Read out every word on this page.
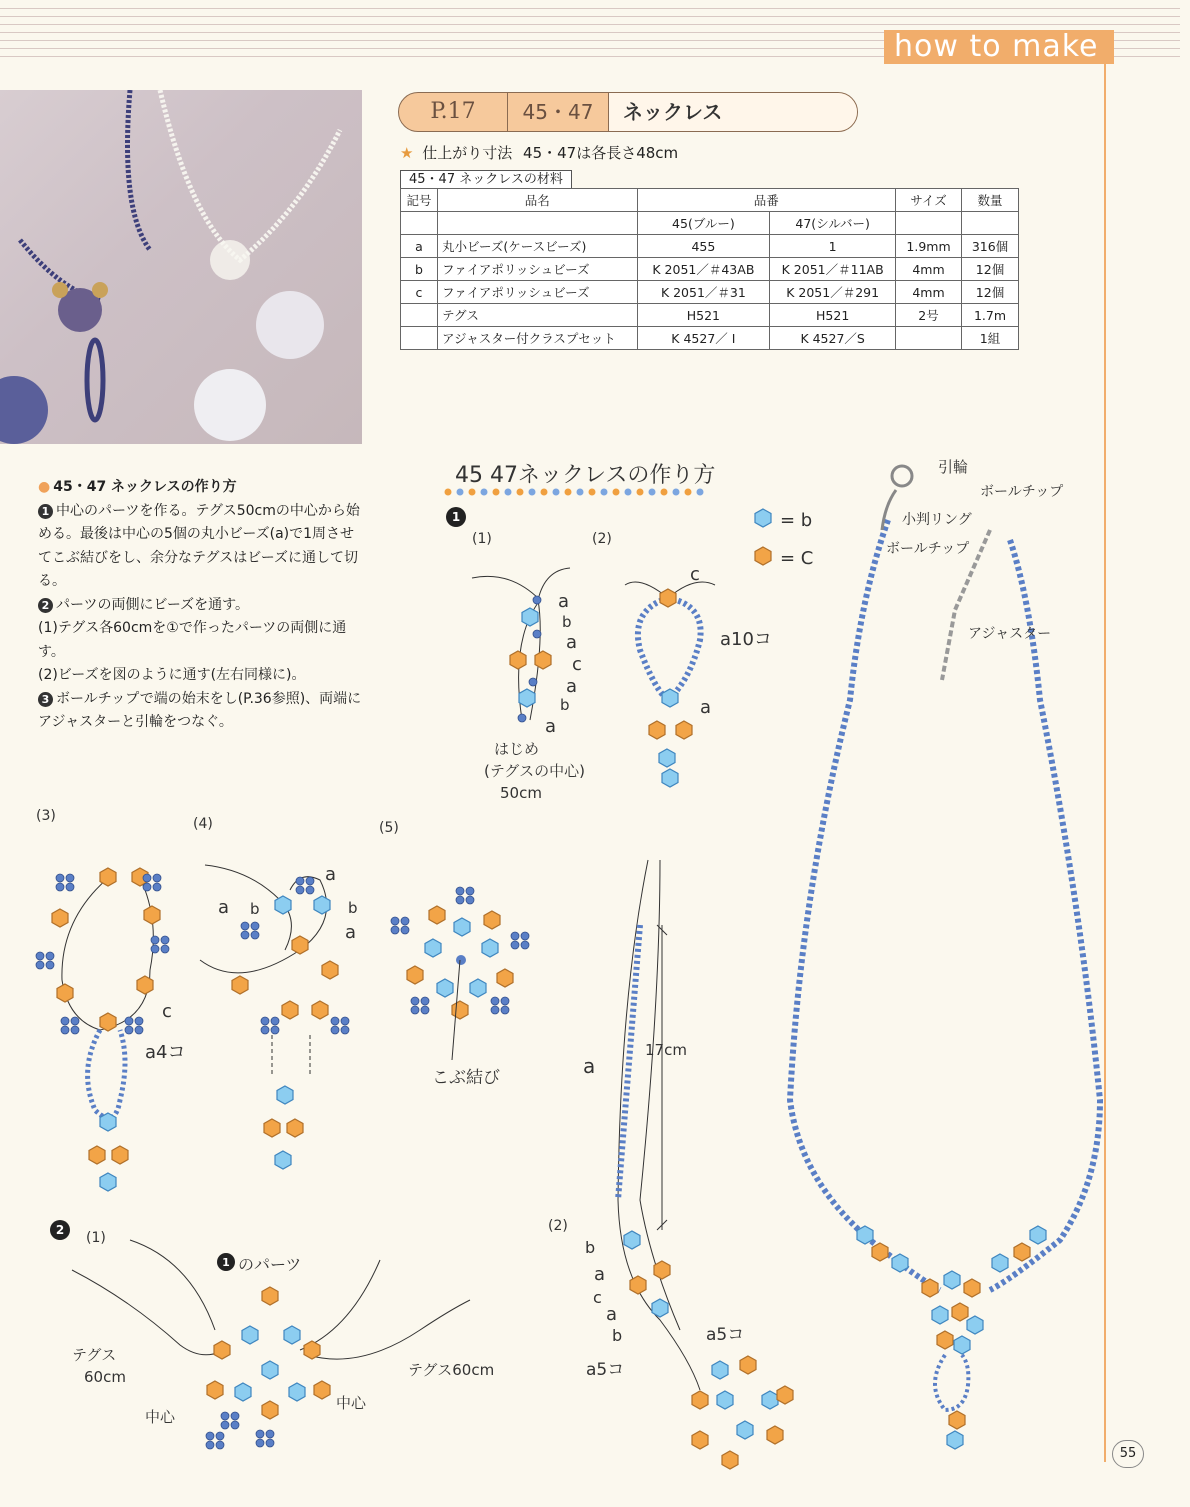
how to make
P.17	45・47	ネックレス
★ 仕上がり寸法 45・47は各長さ48cm
45・47 ネックレスの材料
記号	品名	品番		サイズ	数量
		45(ブルー)	47(シルバー)		
a	丸小ビーズ(ケースビーズ)	455	1	1.9mm	316個
b	ファイアポリッシュビーズ	K 2051／＃43AB	K 2051／＃11AB	4mm	12個
c	ファイアポリッシュビーズ	K 2051／＃31	K 2051／＃291	4mm	12個
	テグス	H521	H521	2号	1.7m
	アジャスター付クラスプセット	K 4527／ I	K 4527／S		1組
● 45・47 ネックレスの作り方
1 中心のパーツを作る。テグス50cmの中心から始める。最後は中心の5個の丸小ビーズ(a)で1周させてこぶ結びをし、余分なテグスはビーズに通して切る。
2 パーツの両側にビーズを通す。
(1)テグス各60cmを①で作ったパーツの両側に通す。
(2)ビーズを図のように通す(左右同様に)。
3 ボールチップで端の始末をし(P.36参照)、両端にアジャスターと引輪をつなぐ。
45 47ネックレスの作り方
1	= b
= C
(1)
a
b
a
c
a
b
a
はじめ
(テグスの中心)
50cm
(2)
c
a10コ
a
(3)
c
a4コ
(4)
a b
a
b
a
(5)
こぶ結び
2 (1)
1 のパーツ
テグス
60cm	テグス60cm
中心
中心
(2)
b
a
c
a
b
a
17cm
a5コ
a5コ
引輪
ボールチップ
小判リング
ボールチップ
アジャスター
55
